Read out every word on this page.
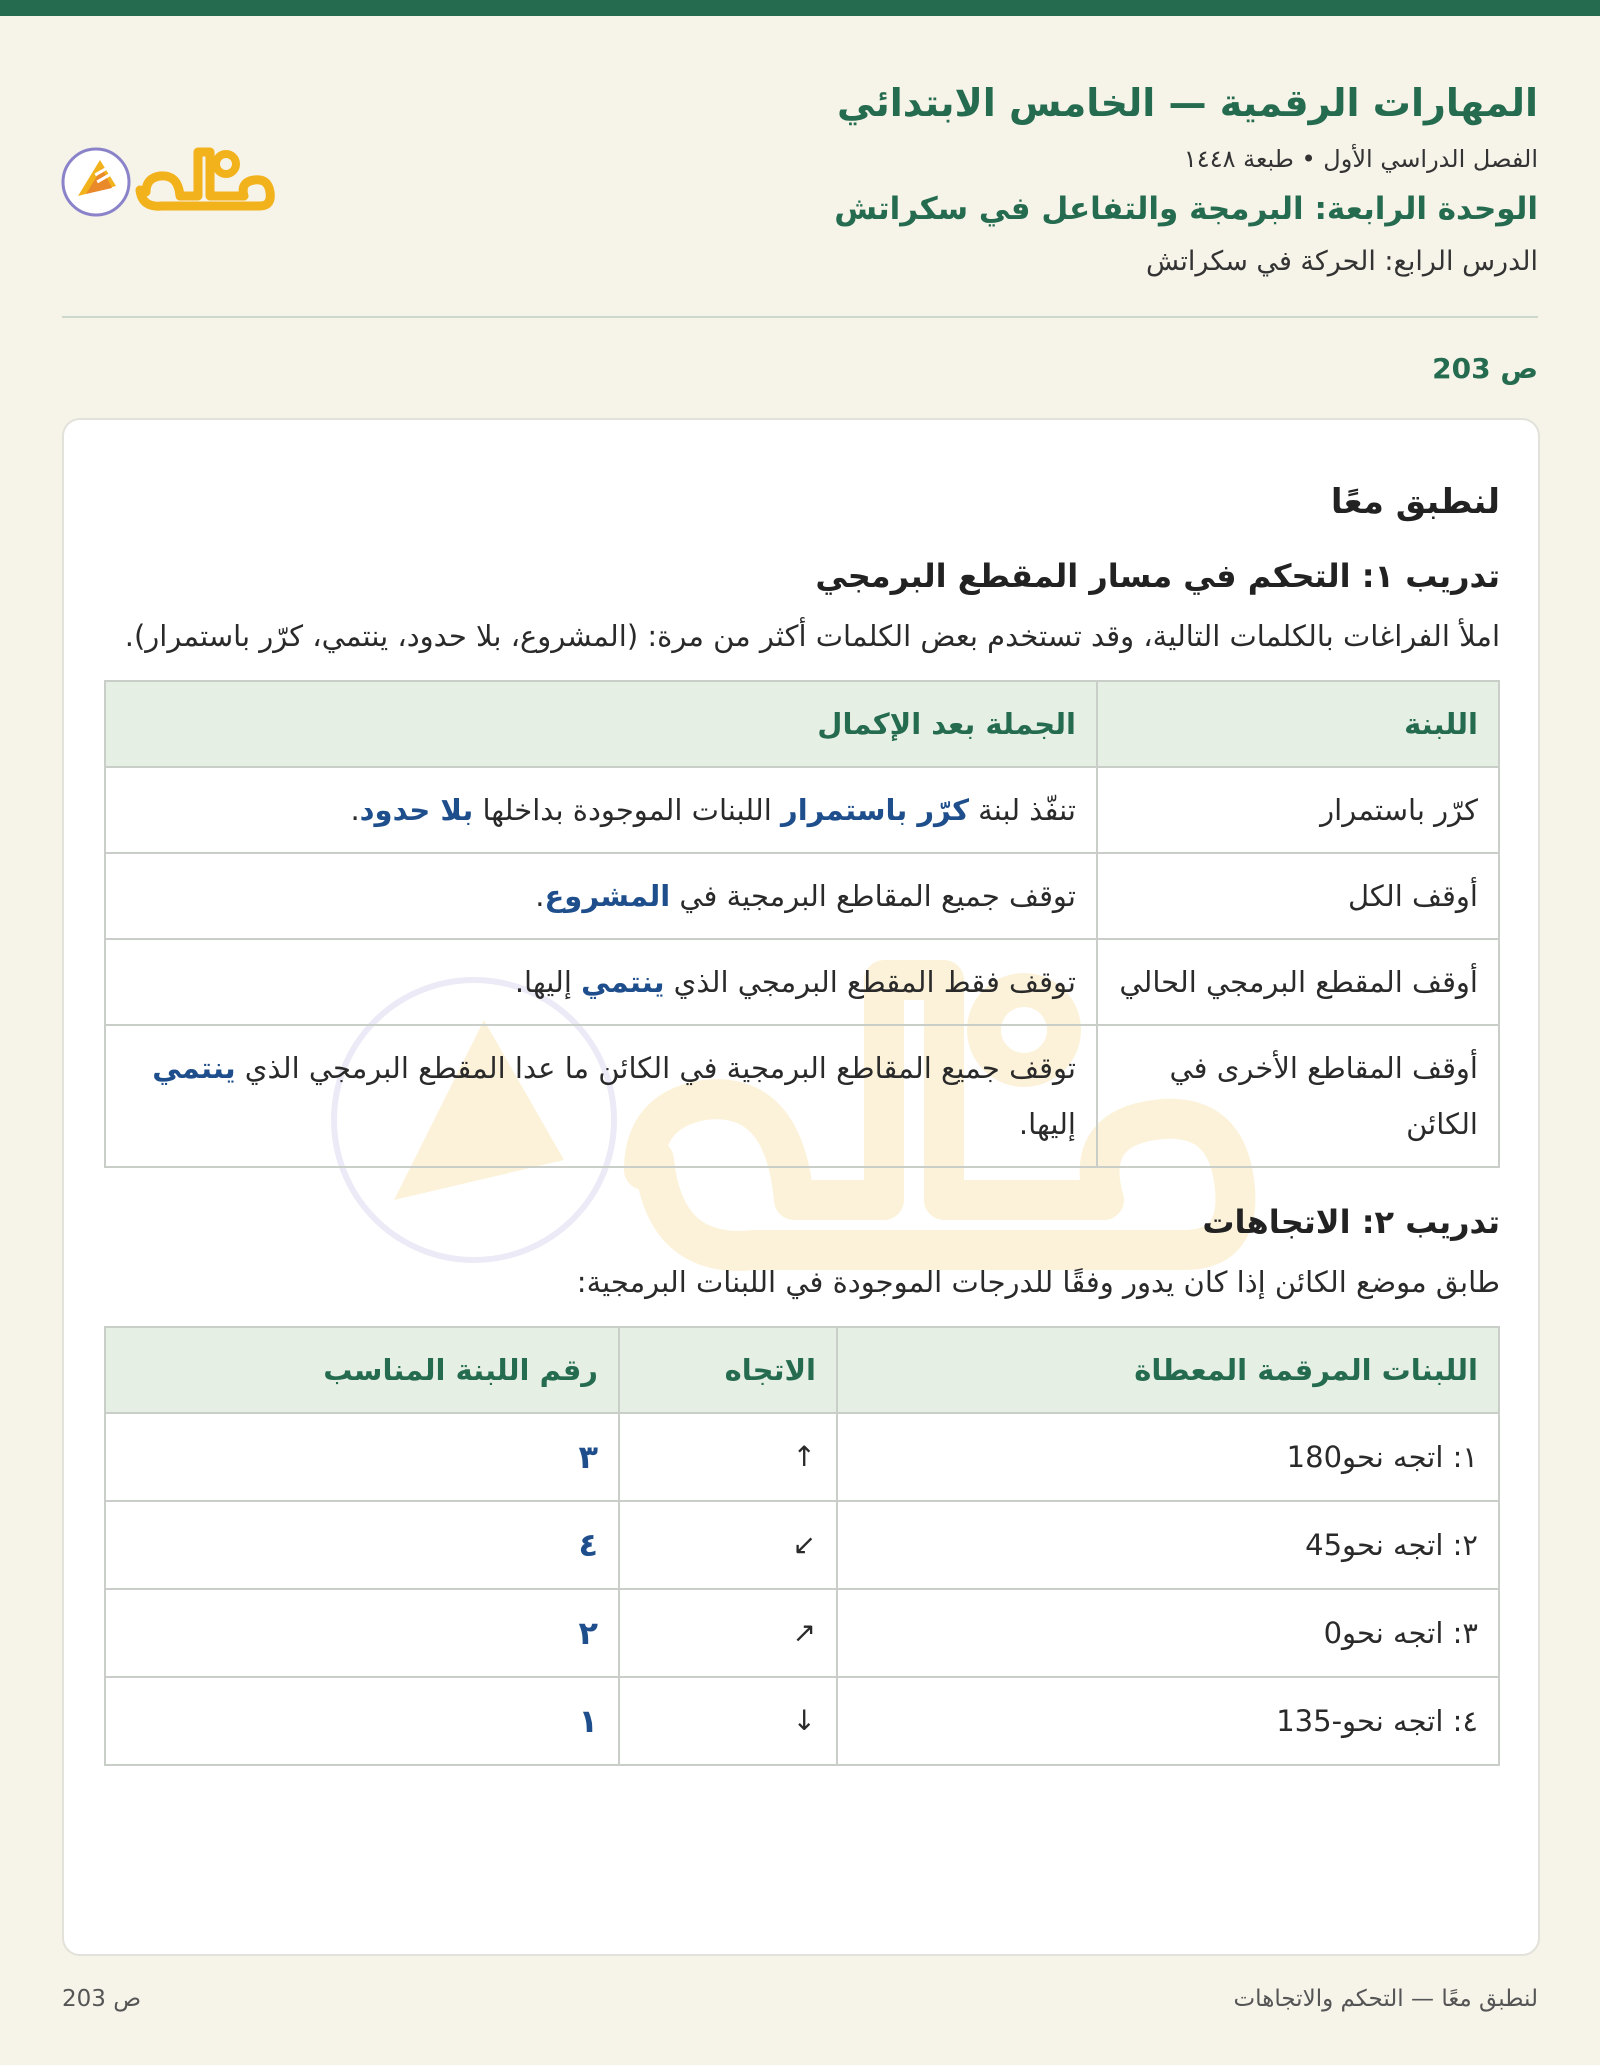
المهارات الرقمية — الخامس الابتدائي
الفصل الدراسي الأول • طبعة ١٤٤٨
الوحدة الرابعة: البرمجة والتفاعل في سكراتش
الدرس الرابع: الحركة في سكراتش
ص 203
لنطبق معًا
تدريب ١: التحكم في مسار المقطع البرمجي
املأ الفراغات بالكلمات التالية، وقد تستخدم بعض الكلمات أكثر من مرة: (المشروع، بلا حدود، ينتمي، كرّر باستمرار).
اللبنة	الجملة بعد الإكمال
كرّر باستمرار	تنفّذ لبنة كرّر باستمرار اللبنات الموجودة بداخلها بلا حدود.
أوقف الكل	توقف جميع المقاطع البرمجية في المشروع.
أوقف المقطع البرمجي الحالي	توقف فقط المقطع البرمجي الذي ينتمي إليها.
أوقف المقاطع الأخرى في الكائن	توقف جميع المقاطع البرمجية في الكائن ما عدا المقطع البرمجي الذي ينتمي إليها.
تدريب ٢: الاتجاهات
طابق موضع الكائن إذا كان يدور وفقًا للدرجات الموجودة في اللبنات البرمجية:
اللبنات المرقمة المعطاة	الاتجاه	رقم اللبنة المناسب
١: اتجه نحو180	↑	٣
٢: اتجه نحو45	↙	٤
٣: اتجه نحو0	↗	٢
٤: اتجه نحو-135	↓	١
لنطبق معًا — التحكم والاتجاهات
ص 203
